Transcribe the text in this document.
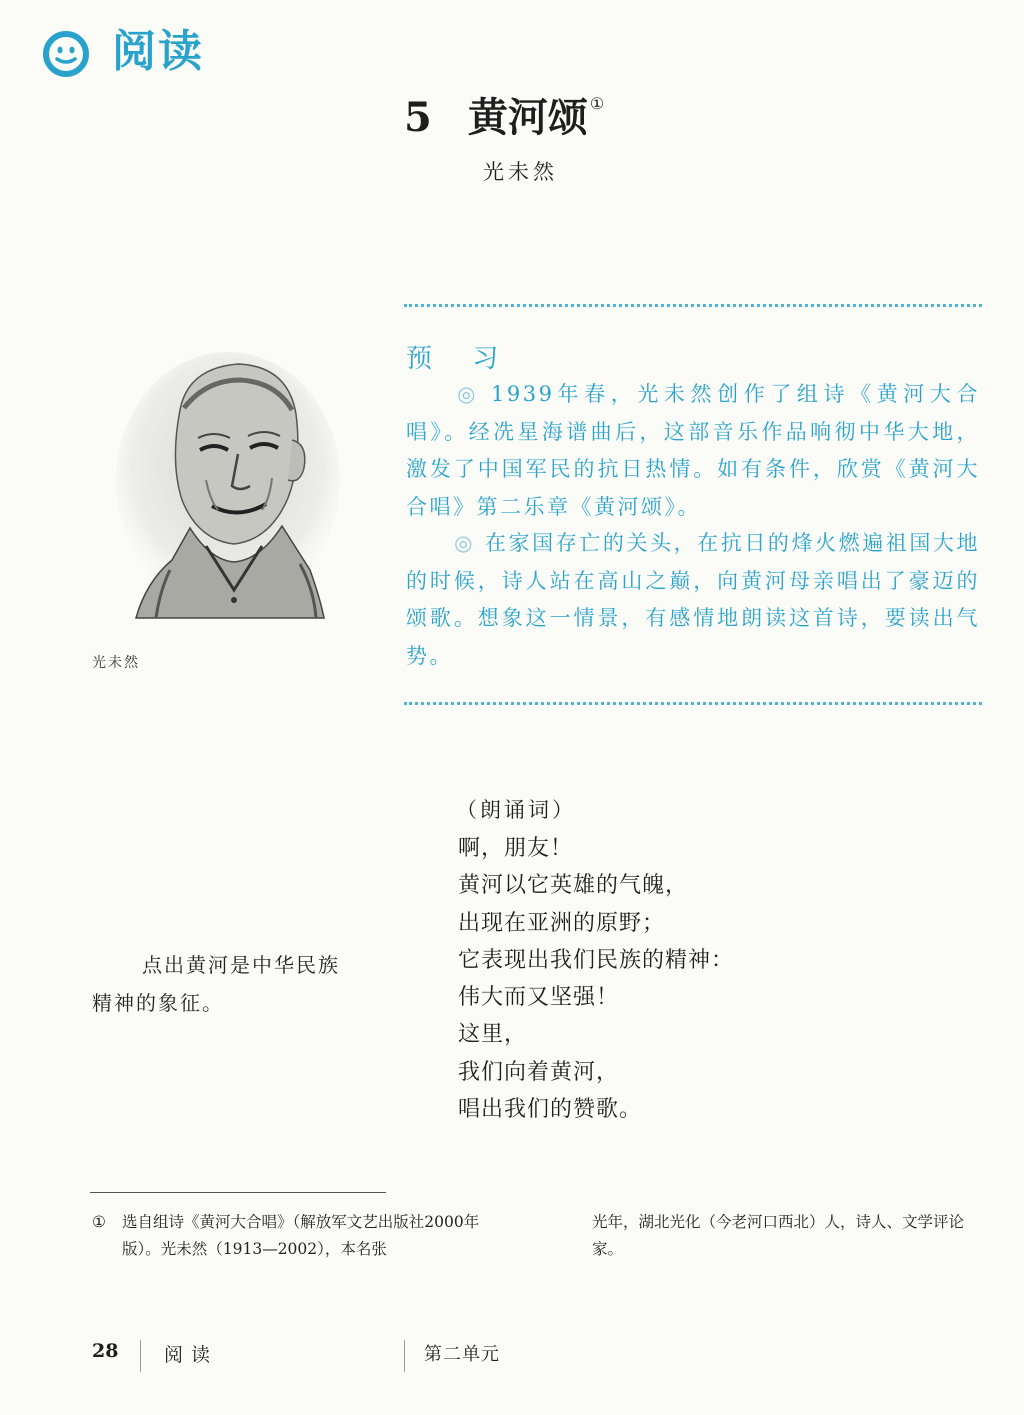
阅读
5 黄河颂 ①
光未然
光未然
预 习
◎ 1939年春，光未然创作了组诗《黄河大合唱》。经冼星海谱曲后，这部音乐作品响彻中华大地，激发了中国军民的抗日热情。如有条件，欣赏《黄河大合唱》第二乐章《黄河颂》。
◎ 在家国存亡的关头，在抗日的烽火燃遍祖国大地的时候，诗人站在高山之巅，向黄河母亲唱出了豪迈的颂歌。想象这一情景，有感情地朗读这首诗，要读出气势。
（朗诵词）
啊，朋友！
黄河以它英雄的气魄，
出现在亚洲的原野；
它表现出我们民族的精神：
伟大而又坚强！
这里，
我们向着黄河，
唱出我们的赞歌。
点出黄河是中华民族精神的象征。
① 选自组诗《黄河大合唱》（解放军文艺出版社2000年版）。光未然（1913—2002），本名张
光年，湖北光化（今老河口西北）人，诗人、文学评论家。
28 阅读	第二单元
